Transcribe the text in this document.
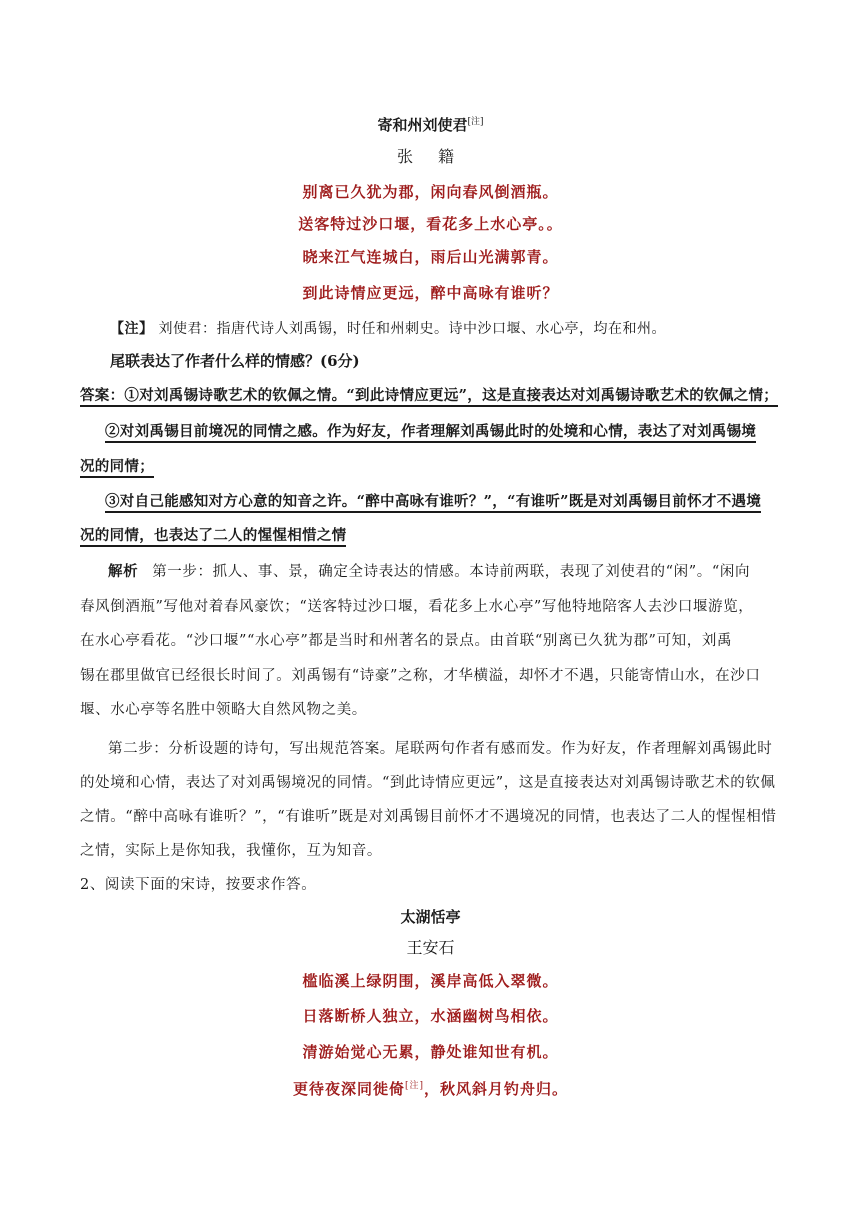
寄和州刘使君[注]
张 籍
别离已久犹为郡，闲向春风倒酒瓶。
送客特过沙口堰，看花多上水心亭。。
晓来江气连城白，雨后山光满郭青。
到此诗情应更远，醉中高咏有谁听？
【注】 刘使君：指唐代诗人刘禹锡，时任和州刺史。诗中沙口堰、水心亭，均在和州。
尾联表达了作者什么样的情感？(6分)
答案：①对刘禹锡诗歌艺术的钦佩之情。“到此诗情应更远”，这是直接表达对刘禹锡诗歌艺术的钦佩之情；
②对刘禹锡目前境况的同情之感。作为好友，作者理解刘禹锡此时的处境和心情，表达了对刘禹锡境
况的同情；
③对自己能感知对方心意的知音之许。“醉中高咏有谁听？”，“有谁听”既是对刘禹锡目前怀才不遇境
况的同情，也表达了二人的惺惺相惜之情
解析 第一步：抓人、事、景，确定全诗表达的情感。本诗前两联，表现了刘使君的“闲”。“闲向
春风倒酒瓶”写他对着春风豪饮；“送客特过沙口堰，看花多上水心亭”写他特地陪客人去沙口堰游览，
在水心亭看花。“沙口堰”“水心亭”都是当时和州著名的景点。由首联“别离已久犹为郡”可知，刘禹
锡在郡里做官已经很长时间了。刘禹锡有“诗豪”之称，才华横溢，却怀才不遇，只能寄情山水，在沙口
堰、水心亭等名胜中领略大自然风物之美。
第二步：分析设题的诗句，写出规范答案。尾联两句作者有感而发。作为好友，作者理解刘禹锡此时
的处境和心情，表达了对刘禹锡境况的同情。“到此诗情应更远”，这是直接表达对刘禹锡诗歌艺术的钦佩
之情。“醉中高咏有谁听？”，“有谁听”既是对刘禹锡目前怀才不遇境况的同情，也表达了二人的惺惺相惜
之情，实际上是你知我，我懂你，互为知音。
2、阅读下面的宋诗，按要求作答。
太湖恬亭
王安石
槛临溪上绿阴围，溪岸高低入翠微。
日落断桥人独立，水涵幽树鸟相依。
清游始觉心无累，静处谁知世有机。
更待夜深同徙倚[注]，秋风斜月钓舟归。
